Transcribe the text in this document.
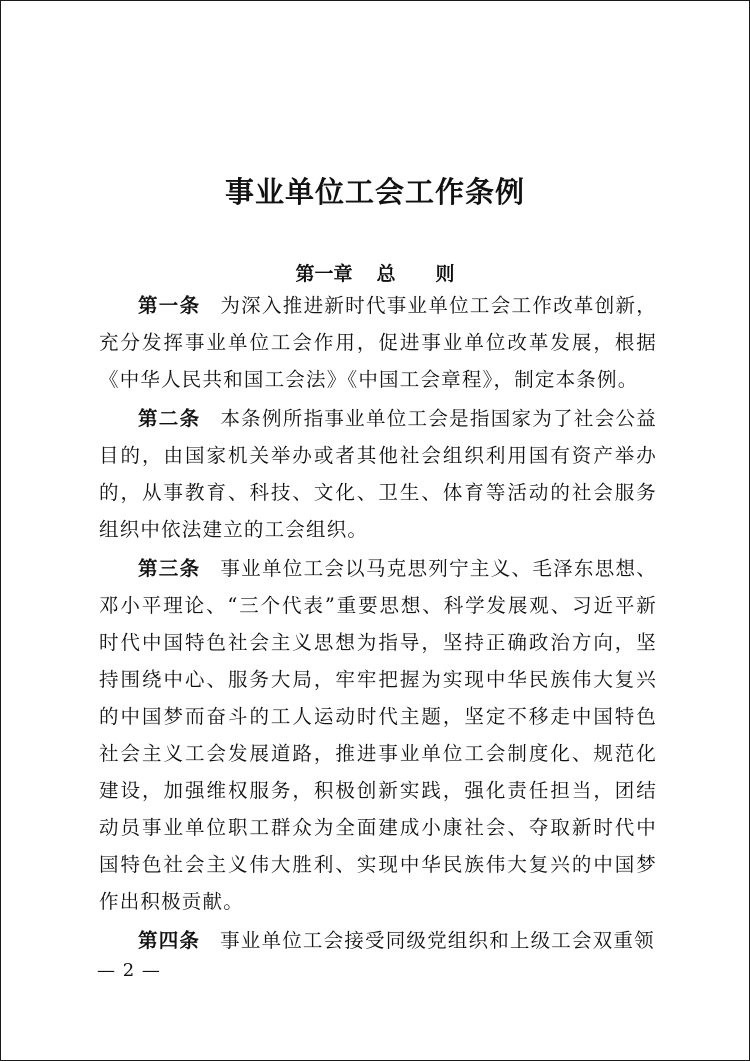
事业单位工会工作条例
第一章 总 则

第一条 为深入推进新时代事业单位工会工作改革创新，充分发挥事业单位工会作用，促进事业单位改革发展，根据《中华人民共和国工会法》《中国工会章程》，制定本条例。

第二条 本条例所指事业单位工会是指国家为了社会公益目的，由国家机关举办或者其他社会组织利用国有资产举办的，从事教育、科技、文化、卫生、体育等活动的社会服务组织中依法建立的工会组织。

第三条 事业单位工会以马克思列宁主义、毛泽东思想、邓小平理论、“三个代表”重要思想、科学发展观、习近平新时代中国特色社会主义思想为指导，坚持正确政治方向，坚持围绕中心、服务大局，牢牢把握为实现中华民族伟大复兴的中国梦而奋斗的工人运动时代主题，坚定不移走中国特色社会主义工会发展道路，推进事业单位工会制度化、规范化建设，加强维权服务，积极创新实践，强化责任担当，团结动员事业单位职工群众为全面建成小康社会、夺取新时代中国特色社会主义伟大胜利、实现中华民族伟大复兴的中国梦作出积极贡献。

第四条 事业单位工会接受同级党组织和上级工会双重领

— 2 —
